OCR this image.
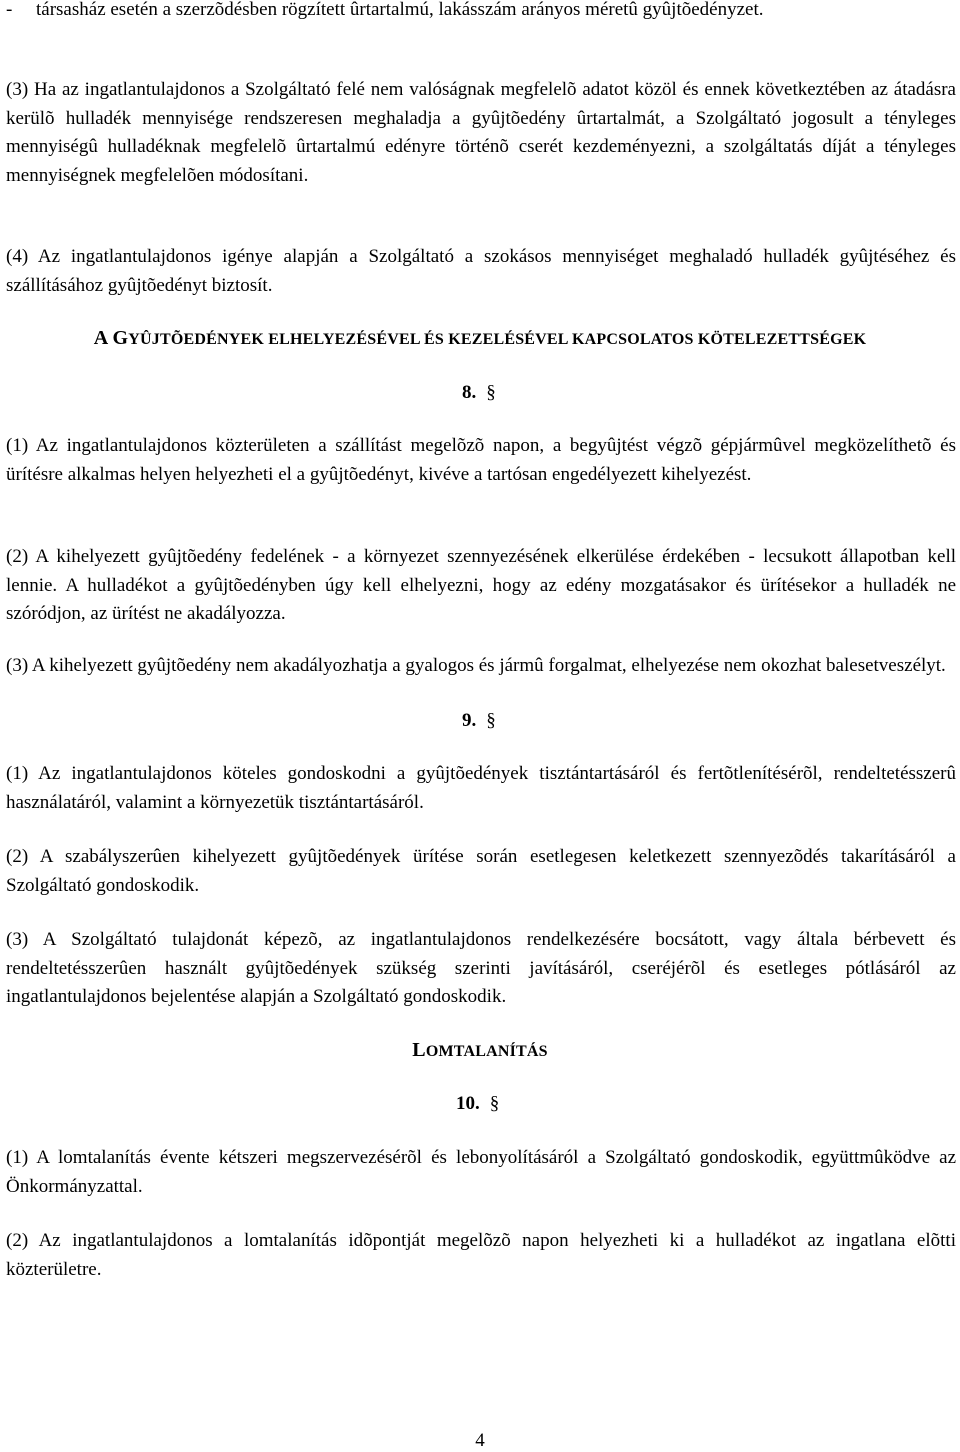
- társasház esetén a szerzõdésben rögzített ûrtartalmú, lakásszám arányos méretû gyûjtõedényzet.

(3) Ha az ingatlantulajdonos a Szolgáltató felé nem valóságnak megfelelõ adatot közöl és ennek következtében az átadásra kerülõ hulladék mennyisége rendszeresen meghaladja a gyûjtõedény ûrtartalmát, a Szolgáltató jogosult a tényleges mennyiségû hulladéknak megfelelõ ûrtartalmú edényre történõ cserét kezdeményezni, a szolgáltatás díját a tényleges mennyiségnek megfelelõen módosítani.

(4) Az ingatlantulajdonos igénye alapján a Szolgáltató a szokásos mennyiséget meghaladó hulladék gyûjtéséhez és szállításához gyûjtõedényt biztosít.

A GYÛJTÕEDÉNYEK ELHELYEZÉSÉVEL ÉS KEZELÉSÉVEL KAPCSOLATOS KÖTELEZETTSÉGEK
8. §

(1) Az ingatlantulajdonos közterületen a szállítást megelõzõ napon, a begyûjtést végzõ gépjármûvel megközelíthetõ és ürítésre alkalmas helyen helyezheti el a gyûjtõedényt, kivéve a tartósan engedélyezett kihelyezést.

(2) A kihelyezett gyûjtõedény fedelének - a környezet szennyezésének elkerülése érdekében - lecsukott állapotban kell lennie. A hulladékot a gyûjtõedényben úgy kell elhelyezni, hogy az edény mozgatásakor és ürítésekor a hulladék ne szóródjon, az ürítést ne akadályozza.

(3) A kihelyezett gyûjtõedény nem akadályozhatja a gyalogos és jármû forgalmat, elhelyezése nem okozhat balesetveszélyt.

9. §

(1) Az ingatlantulajdonos köteles gondoskodni a gyûjtõedények tisztántartásáról és fertõtlenítésérõl, rendeltetésszerû használatáról, valamint a környezetük tisztántartásáról.

(2) A szabályszerûen kihelyezett gyûjtõedények ürítése során esetlegesen keletkezett szennyezõdés takarításáról a Szolgáltató gondoskodik.

(3) A Szolgáltató tulajdonát képezõ, az ingatlantulajdonos rendelkezésére bocsátott, vagy általa bérbevett és rendeltetésszerûen használt gyûjtõedények szükség szerinti javításáról, cseréjérõl és esetleges pótlásáról az ingatlantulajdonos bejelentése alapján a Szolgáltató gondoskodik.

LOMTALANÍTÁS
10. §

(1) A lomtalanítás évente kétszeri megszervezésérõl és lebonyolításáról a Szolgáltató gondoskodik, együttmûködve az Önkormányzattal.

(2) Az ingatlantulajdonos a lomtalanítás idõpontját megelõzõ napon helyezheti ki a hulladékot az ingatlana elõtti közterületre.

4
